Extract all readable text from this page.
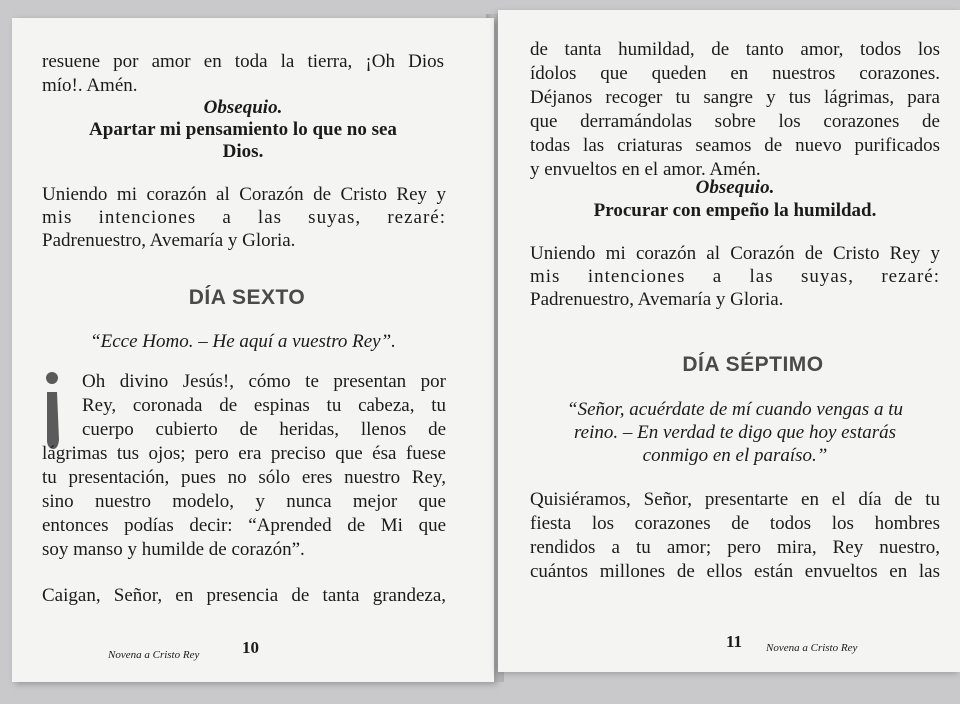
resuene por amor en toda la tierra, ¡Oh Dios
mío!. Amén.
Obsequio.
Apartar mi pensamiento lo que no sea
Dios.
Uniendo mi corazón al Corazón de Cristo Rey y
mis intenciones a las suyas, rezaré:
Padrenuestro, Avemaría y Gloria.
DÍA SEXTO
“Ecce Homo. – He aquí a vuestro Rey”.
Oh divino Jesús!, cómo te presentan por
Rey, coronada de espinas tu cabeza, tu
cuerpo cubierto de heridas, llenos de
lágrimas tus ojos; pero era preciso que ésa fuese
tu presentación, pues no sólo eres nuestro Rey,
sino nuestro modelo, y nunca mejor que
entonces podías decir: “Aprended de Mi que
soy manso y humilde de corazón”.
Caigan, Señor, en presencia de tanta grandeza,
Novena a Cristo Rey	10
de tanta humildad, de tanto amor, todos los
ídolos que queden en nuestros corazones.
Déjanos recoger tu sangre y tus lágrimas, para
que derramándolas sobre los corazones de
todas las criaturas seamos de nuevo purificados
y envueltos en el amor. Amén.
Obsequio.
Procurar con empeño la humildad.
Uniendo mi corazón al Corazón de Cristo Rey y
mis intenciones a las suyas, rezaré:
Padrenuestro, Avemaría y Gloria.
DÍA SÉPTIMO
“Señor, acuérdate de mí cuando vengas a tu
reino. – En verdad te digo que hoy estarás
conmigo en el paraíso.”
Quisiéramos, Señor, presentarte en el día de tu
fiesta los corazones de todos los hombres
rendidos a tu amor; pero mira, Rey nuestro,
cuántos millones de ellos están envueltos en las
11 Novena a Cristo Rey
